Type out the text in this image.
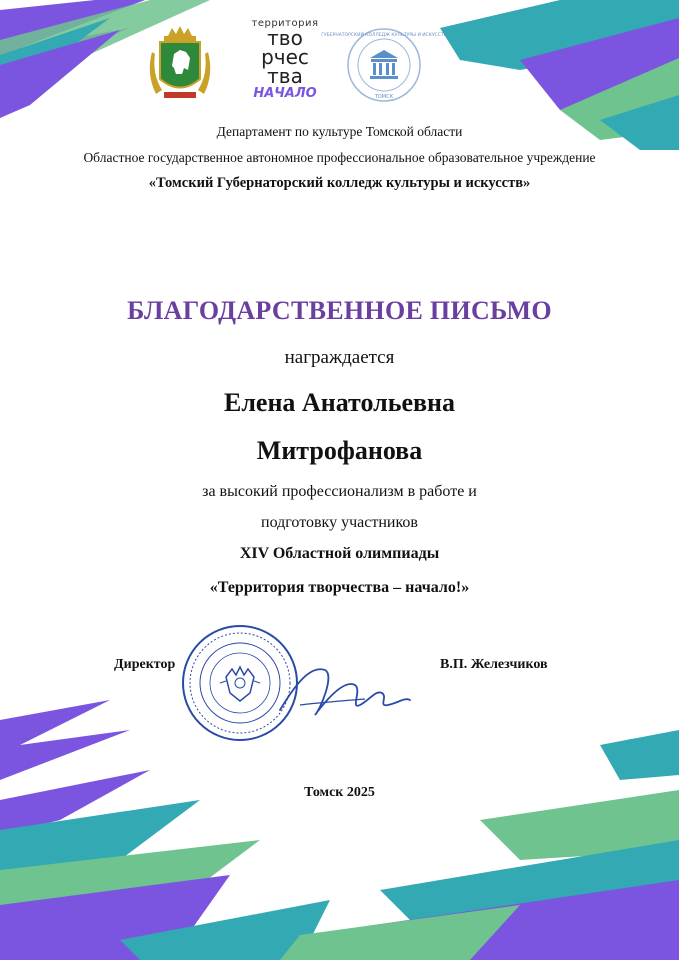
территория
тво
рчес
тва
НАЧАЛО
ГУБЕРНАТОРСКИЙ КОЛЛЕДЖ КУЛЬТУРЫ И ИСКУССТВ
ТОМСК
Департамент по культуре Томской области
Областное государственное автономное профессиональное образовательное учреждение
«Томский Губернаторский колледж культуры и искусств»
БЛАГОДАРСТВЕННОЕ ПИСЬМО
награждается
Елена Анатольевна
Митрофанова
за высокий профессионализм в работе и
подготовку участников
XIV Областной олимпиады
«Территория творчества – начало!»
Директор	В.П. Железчиков
Томск 2025
